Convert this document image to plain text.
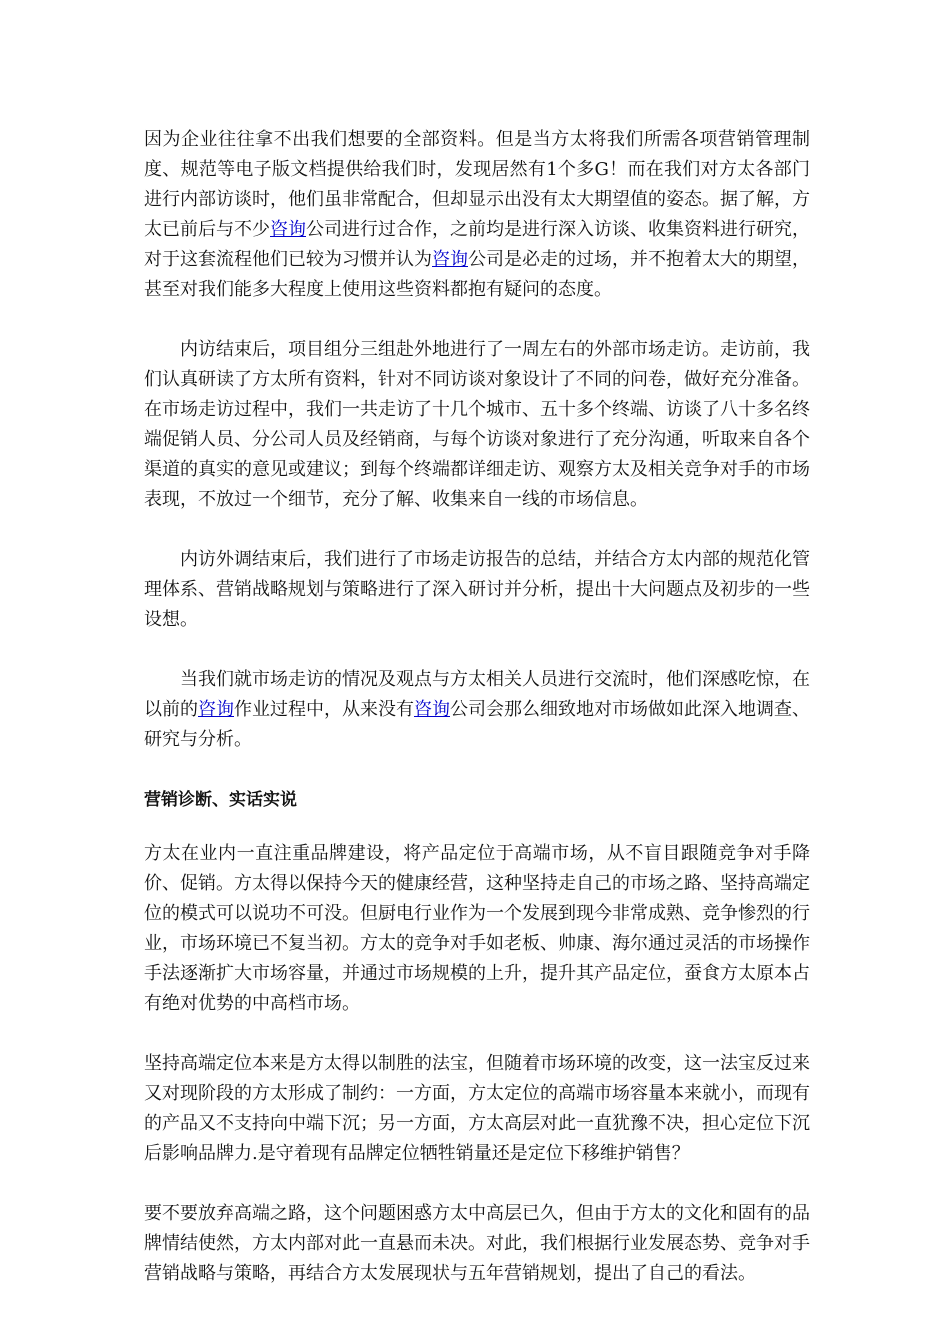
因为企业往往拿不出我们想要的全部资料。但是当方太将我们所需各项营销管理制度、规范等电子版文档提供给我们时，发现居然有1个多G！而在我们对方太各部门进行内部访谈时，他们虽非常配合，但却显示出没有太大期望值的姿态。据了解，方太已前后与不少咨询公司进行过合作，之前均是进行深入访谈、收集资料进行研究，对于这套流程他们已较为习惯并认为咨询公司是必走的过场，并不抱着太大的期望，甚至对我们能多大程度上使用这些资料都抱有疑问的态度。

内访结束后，项目组分三组赴外地进行了一周左右的外部市场走访。走访前，我们认真研读了方太所有资料，针对不同访谈对象设计了不同的问卷，做好充分准备。在市场走访过程中，我们一共走访了十几个城市、五十多个终端、访谈了八十多名终端促销人员、分公司人员及经销商，与每个访谈对象进行了充分沟通，听取来自各个渠道的真实的意见或建议；到每个终端都详细走访、观察方太及相关竞争对手的市场表现，不放过一个细节，充分了解、收集来自一线的市场信息。

内访外调结束后，我们进行了市场走访报告的总结，并结合方太内部的规范化管理体系、营销战略规划与策略进行了深入研讨并分析，提出十大问题点及初步的一些设想。

当我们就市场走访的情况及观点与方太相关人员进行交流时，他们深感吃惊，在以前的咨询作业过程中，从来没有咨询公司会那么细致地对市场做如此深入地调查、研究与分析。

营销诊断、实话实说

方太在业内一直注重品牌建设，将产品定位于高端市场，从不盲目跟随竞争对手降价、促销。方太得以保持今天的健康经营，这种坚持走自己的市场之路、坚持高端定位的模式可以说功不可没。但厨电行业作为一个发展到现今非常成熟、竞争惨烈的行业，市场环境已不复当初。方太的竞争对手如老板、帅康、海尔通过灵活的市场操作手法逐渐扩大市场容量，并通过市场规模的上升，提升其产品定位，蚕食方太原本占有绝对优势的中高档市场。

坚持高端定位本来是方太得以制胜的法宝，但随着市场环境的改变，这一法宝反过来又对现阶段的方太形成了制约：一方面，方太定位的高端市场容量本来就小，而现有的产品又不支持向中端下沉；另一方面，方太高层对此一直犹豫不决，担心定位下沉后影响品牌力.是守着现有品牌定位牺牲销量还是定位下移维护销售？

要不要放弃高端之路，这个问题困惑方太中高层已久，但由于方太的文化和固有的品牌情结使然，方太内部对此一直悬而未决。对此，我们根据行业发展态势、竞争对手营销战略与策略，再结合方太发展现状与五年营销规划，提出了自己的看法。
